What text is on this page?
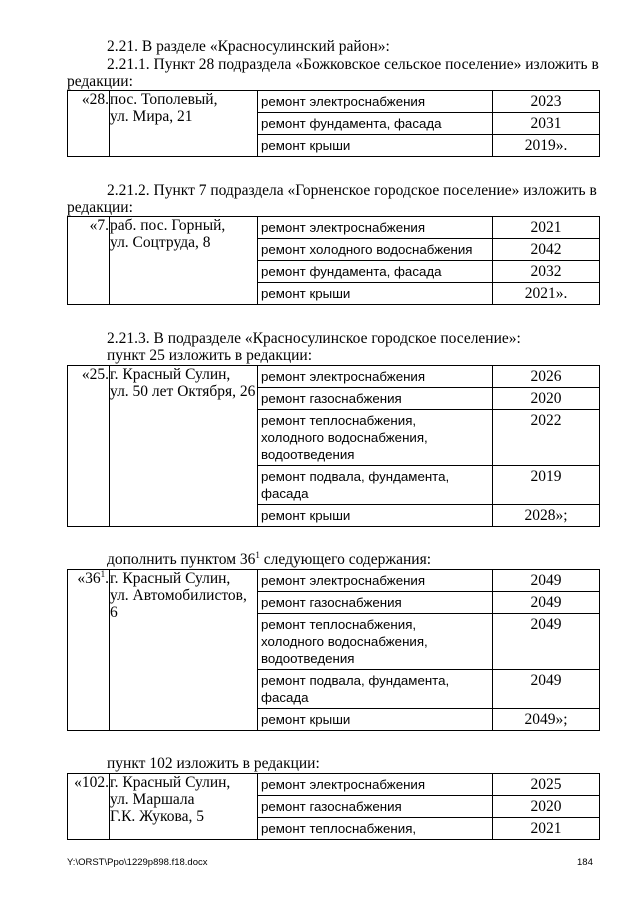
2.21. В разделе «Красносулинский район»:
2.21.1. Пункт 28 подраздела «Божковское сельское поселение» изложить в
редакции:
«28.	пос. Тополевый,
ул. Мира, 21

ремонт электроснабжения	2023
ремонт фундамента, фасада	2031
ремонт крыши	2019».
2.21.2. Пункт 7 подраздела «Горненское городское поселение» изложить в
редакции:
«7.	раб. пос. Горный,
ул. Соцтруда, 8

ремонт электроснабжения	2021
ремонт холодного водоснабжения	2042
ремонт фундамента, фасада	2032
ремонт крыши	2021».
2.21.3. В подразделе «Красносулинское городское поселение»:
пункт 25 изложить в редакции:
«25.	г. Красный Сулин,
ул. 50 лет Октября, 26

ремонт электроснабжения	2026
ремонт газоснабжения	2020

ремонт теплоснабжения,
холодного водоснабжения,
водоотведения
	2022

ремонт подвала, фундамента,
фасада
	2019
ремонт крыши	2028»;
дополнить пунктом $36^1$ следующего содержания:
«$36^1$.	г. Красный Сулин,
ул. Автомобилистов, 6

ремонт электроснабжения	2049
ремонт газоснабжения	2049

ремонт теплоснабжения,
холодного водоснабжения,
водоотведения
	2049

ремонт подвала, фундамента,
фасада
	2049
ремонт крыши	2049»;
пункт 102 изложить в редакции:
«102.	г. Красный Сулин,
ул. Маршала
Г.К. Жукова, 5

ремонт электроснабжения	2025
ремонт газоснабжения	2020
ремонт теплоснабжения,	2021
Y:\ORST\Ppo\1229p898.f18.docx	184
